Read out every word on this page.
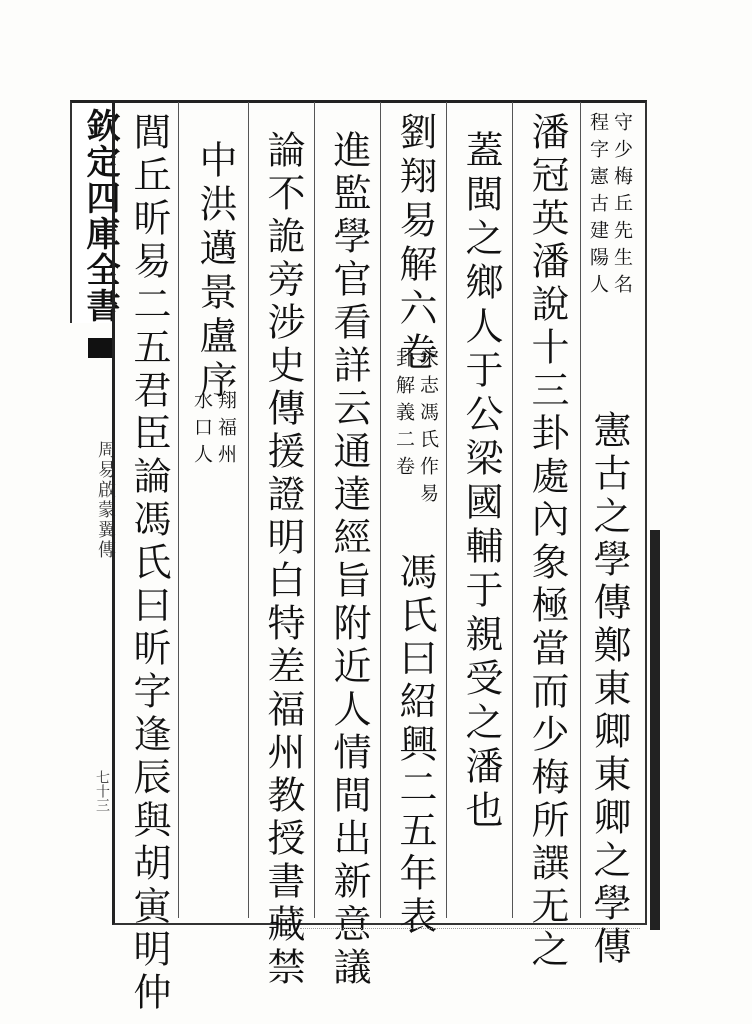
欽定四庫全書
周易啟蒙翼傳
七十三
守少梅丘先生名
程字憲古建陽人
憲古之學傳鄭東卿東卿之學傳
潘冠英潘說十三卦處內象極當而少梅所譔无之
蓋閩之鄉人于公梁國輔于親受之潘也
劉翔易解六卷
宋志馮氏作易
卦解義二卷
馮氏曰紹興二五年表
進監學官看詳云通達經旨附近人情間出新意議
論不詭旁涉史傳援證明白特差福州教授書藏禁
中洪邁景盧序
翔福州
水口人
閭丘昕易二五君臣論馮氏曰昕字逢辰與胡寅明仲
